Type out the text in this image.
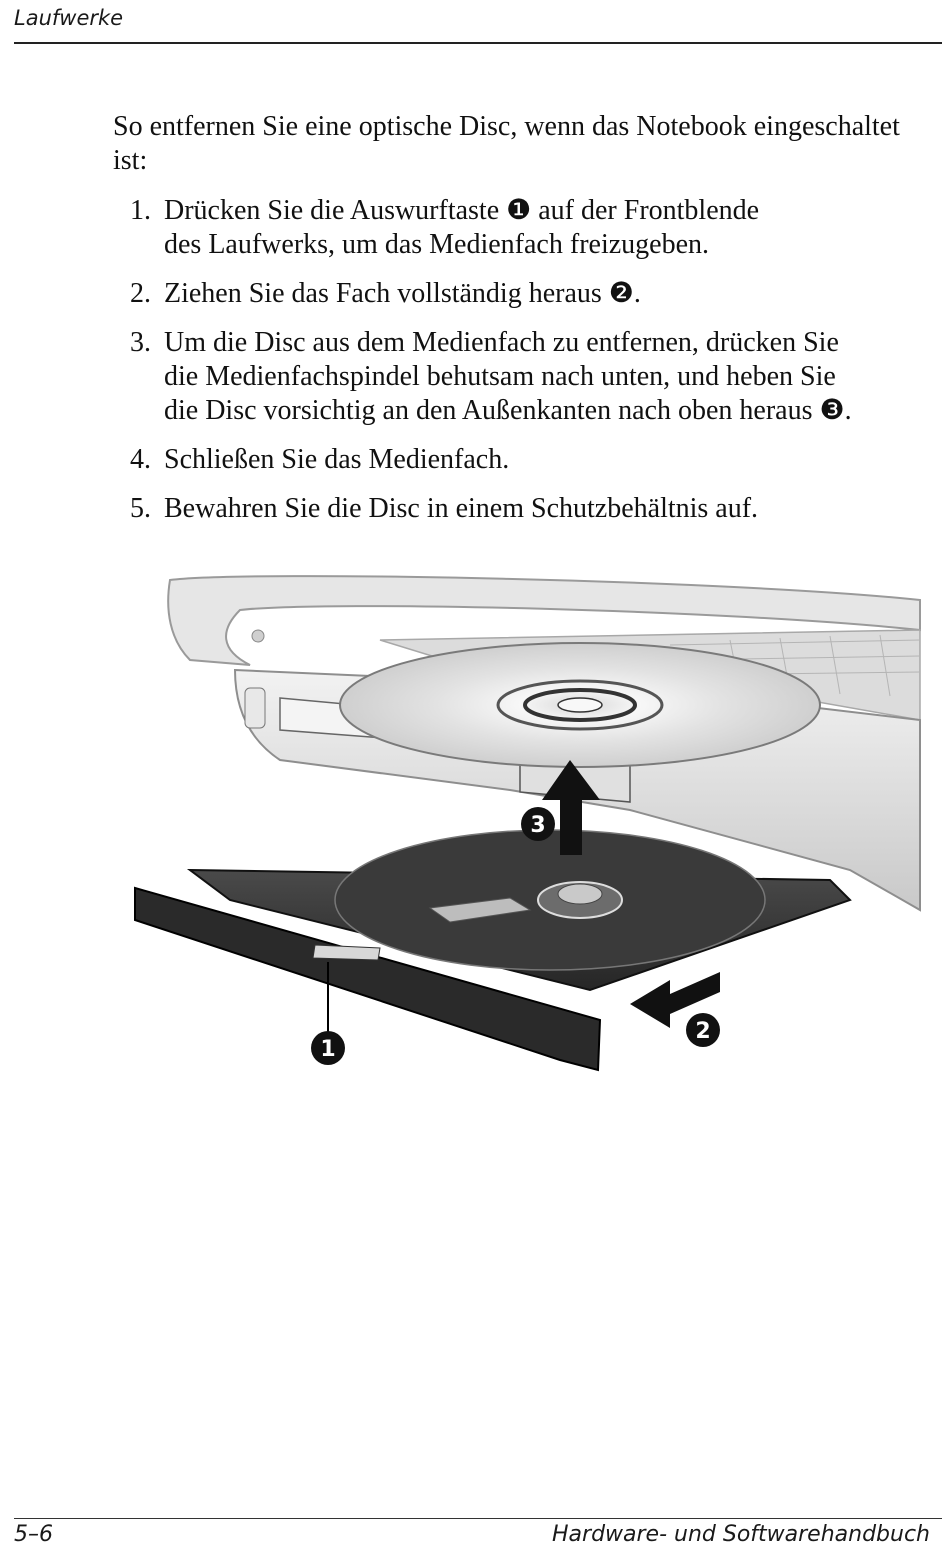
Laufwerke
So entfernen Sie eine optische Disc, wenn das Notebook eingeschaltet ist:
1. Drücken Sie die Auswurftaste ❶ auf der Frontblende
des Laufwerks, um das Medienfach freizugeben.
2. Ziehen Sie das Fach vollständig heraus ❷.
3. Um die Disc aus dem Medienfach zu entfernen, drücken Sie
die Medienfachspindel behutsam nach unten, und heben Sie
die Disc vorsichtig an den Außenkanten nach oben heraus ❸.
4. Schließen Sie das Medienfach.
5. Bewahren Sie die Disc in einem Schutzbehältnis auf.
1
2
3
5–6	Hardware- und Softwarehandbuch
